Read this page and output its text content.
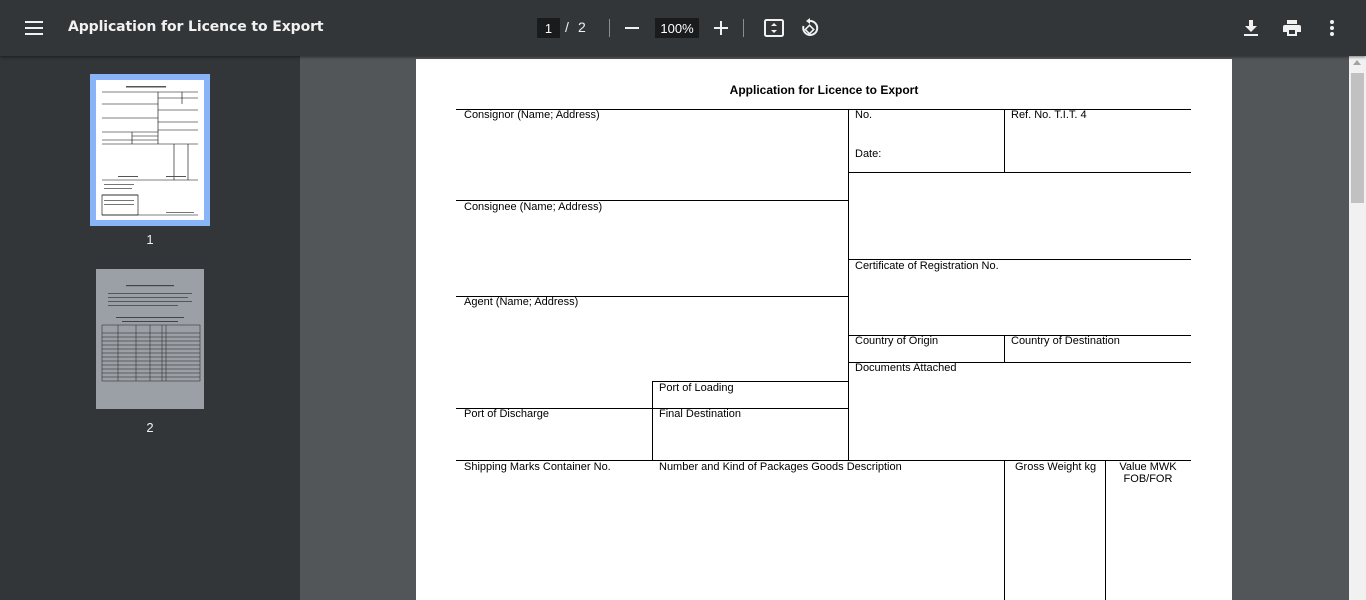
Application for Licence to Export	1 / 2	100%
1
2
Application for Licence to Export
Consignor (Name; Address)	No.	Ref. No. T.I.T. 4
Date:
Consignee (Name; Address)
Certificate of Registration No.
Agent (Name; Address)
Country of Origin	Country of Destination
Documents Attached
Port of Loading
Port of Discharge	Final Destination
Shipping Marks Container No.	Number and Kind of Packages Goods Description	Gross Weight kg	Value MWK FOB/FOR
